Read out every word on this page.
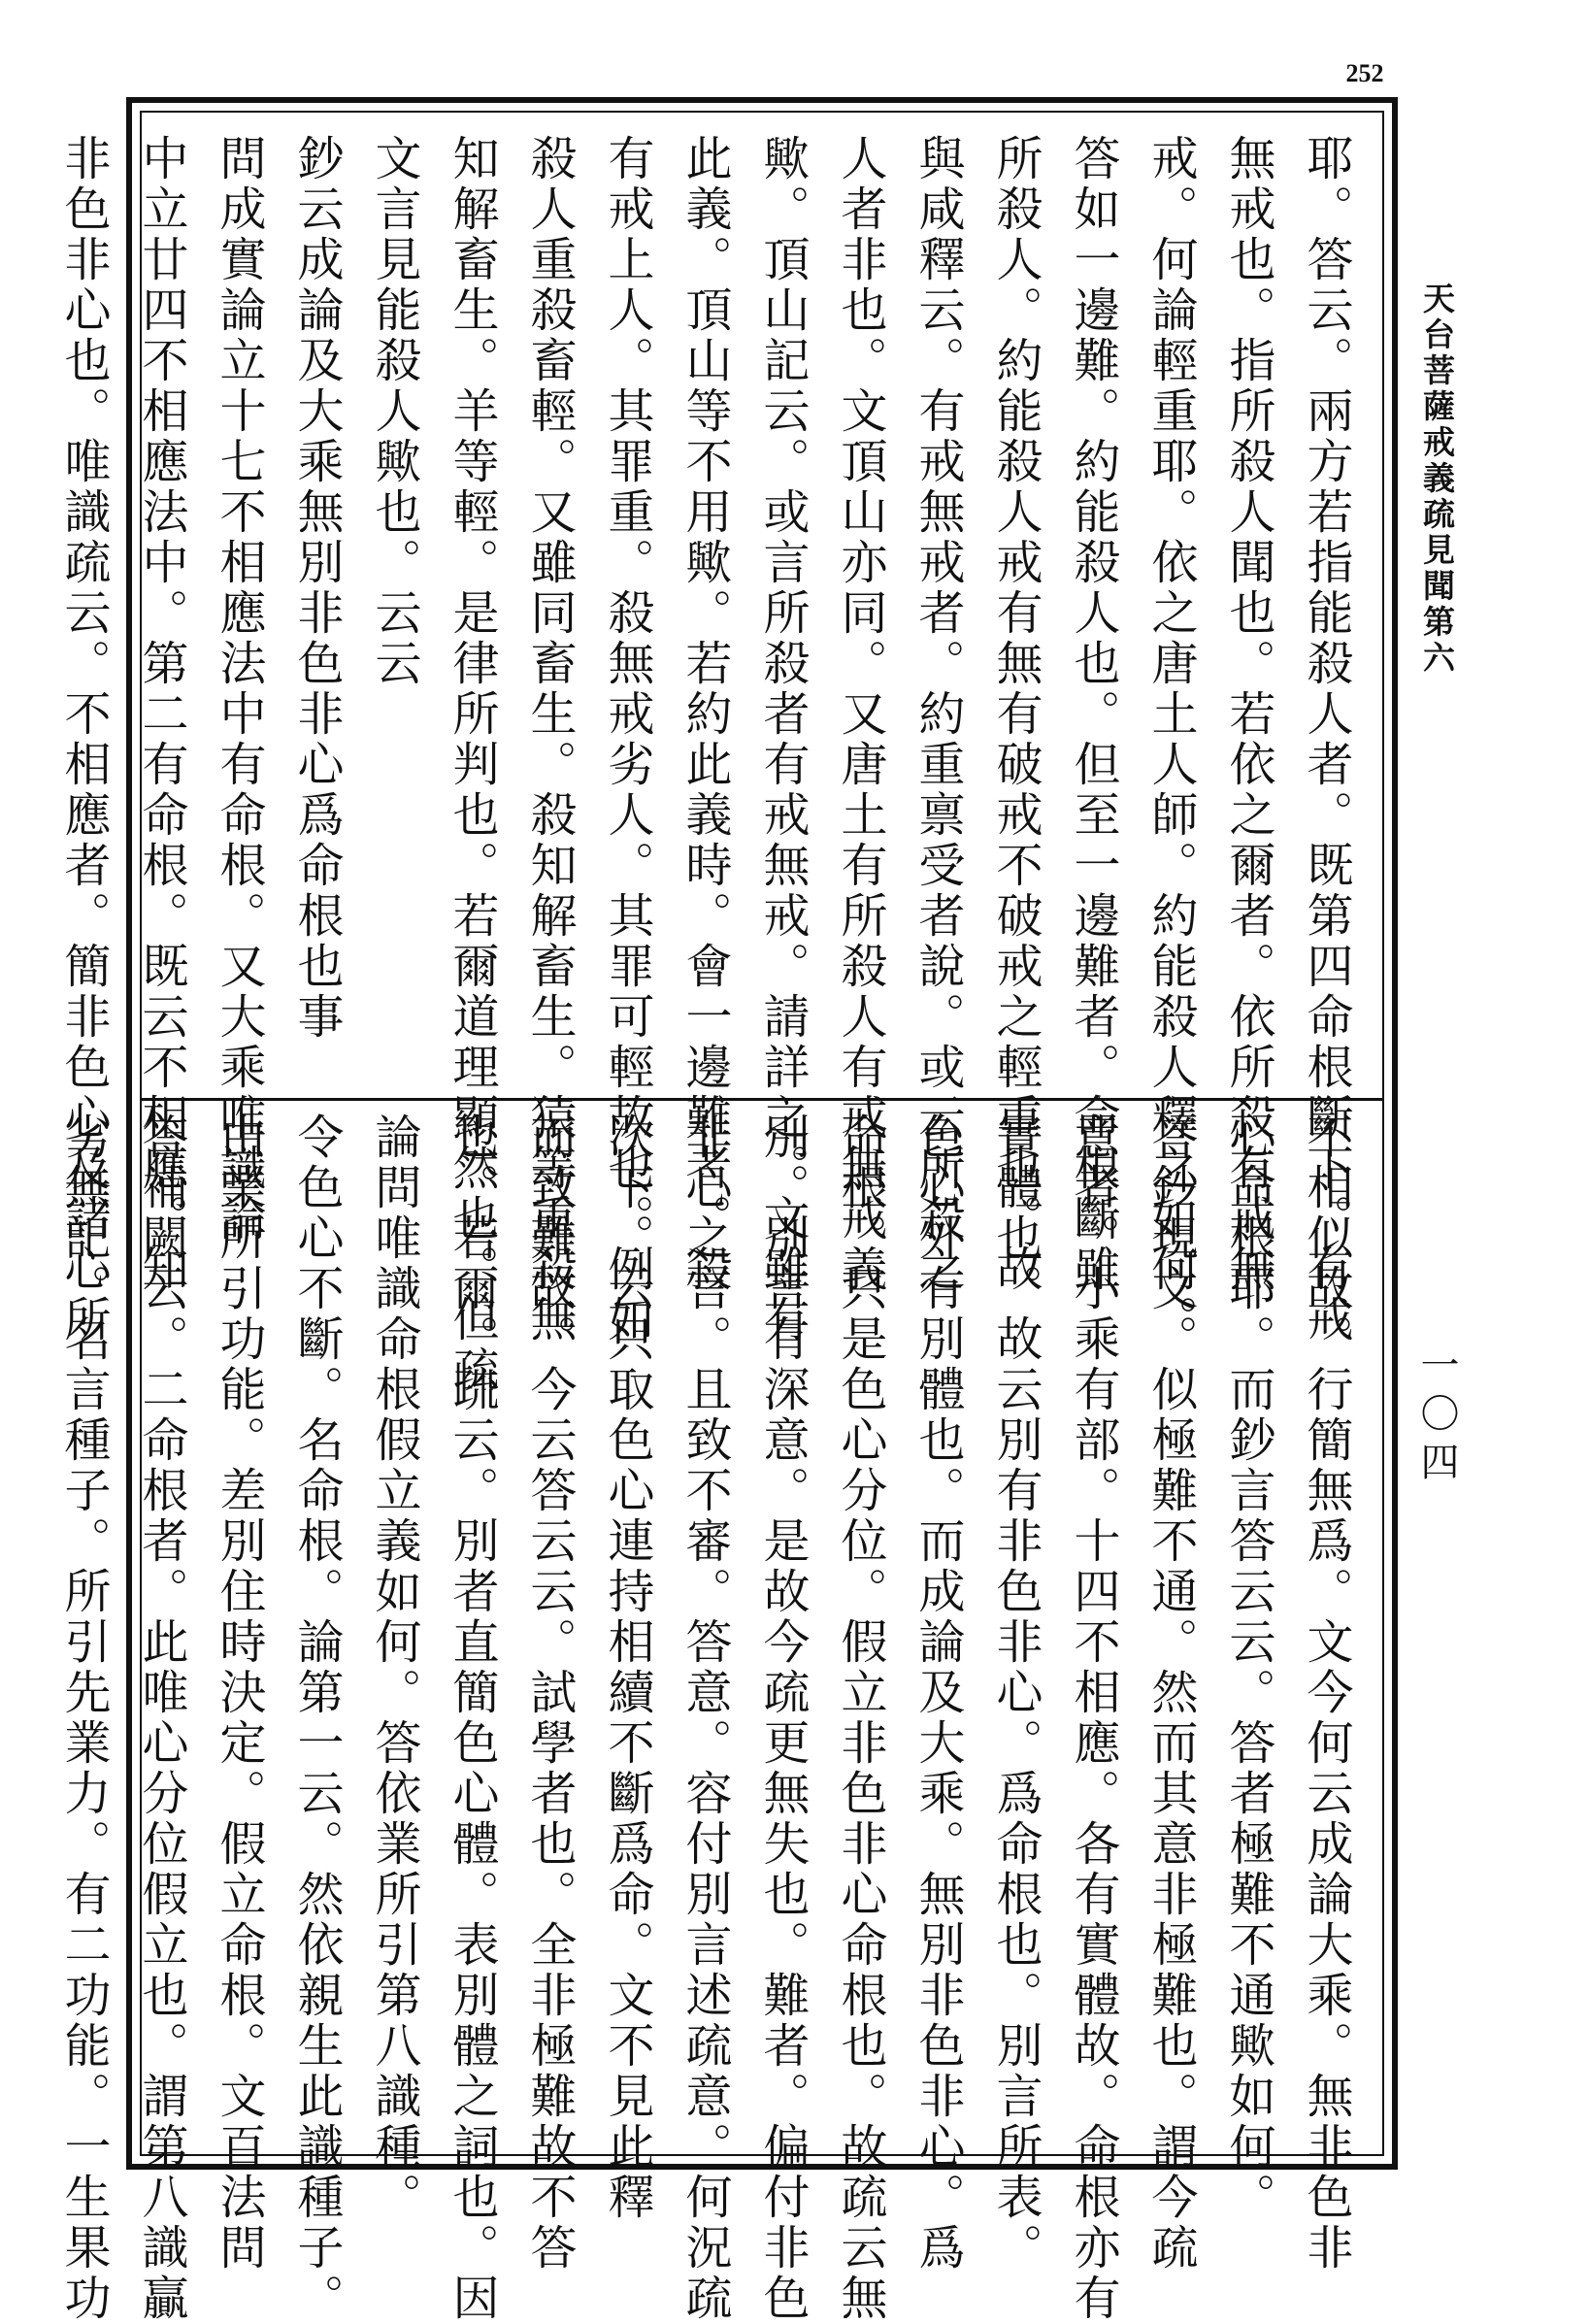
252
耶。答云。兩方若指能殺人者。既第四命根斷下。有戒
無戒也。指所殺人聞也。若依之爾者。依所殺有戒無
戒。何論輕重耶。依之唐土人師。約能殺人釋之如何。
答如一邊難。約能殺人也。但至一邊難者。命根斷雖
所殺人。約能殺人戒有無有破戒不破戒之輕重也。故
與咸釋云。有戒無戒者。約重禀受者說。或云所殺之
人者非也。文頂山亦同。又唐土有所殺人有戒無戒義
歟。頂山記云。或言所殺者有戒無戒。請詳之。文雖有
此義。頂山等不用歟。若約此義時。會一邊難者。殺
有戒上人。其罪重。殺無戒劣人。其罪可輕故也。例如
殺人重殺畜輕。又雖同畜生。殺知解畜生。猿等重殺無
知解畜生。羊等輕。是律所判也。若爾道理顯然也。但疏
文言見能殺人歟也。云云
鈔云成論及大乘無別非色非心爲命根也事
問成實論立十七不相應法中有命根。又大乘唯識論
中立廿四不相應法中。第二有命根。既云不相應。知
非色非心也。唯識疏云。不相應者。簡非色心及諸心所
不相似故。行簡無爲。文今何云成論大乘。無非色非
心命根耶。而鈔言答云云。答者極難不通歟如何。
答鈔現文。似極難不通。然而其意非極難也。謂今疏
意者。小乘有部。十四不相應。各有實體故。命根亦有
實體也。故云別有非色非心。爲命根也。別言所表。
色心外有別體也。而成論及大乘。無別非色非心。爲
命根。只是色心分位。假立非色非心命根也。故疏云無
別。別言有深意。是故今疏更無失也。難者。偏付非色
非心之言。且致不審。答意。容付別言述疏意。何況疏
次下。云只取色心連持相續不斷爲命。文不見此釋
而致難故。今云答云云。試學者也。全非極難故不答
也。若爾。疏云。別者直簡色心體。表別體之詞也。因
論問唯識命根假立義如何。答依業所引第八識種。
令色心不斷。名命根。論第一云。然依親生此識種子。
由業所引功能。差別住時決定。假立命根。文百法問
答補闕云。二命根者。此唯心分位假立也。謂第八識贏
劣無記。名言種子。所引先業力。有二功能。一生果功
天台菩薩戒義疏見聞第六
一〇四
